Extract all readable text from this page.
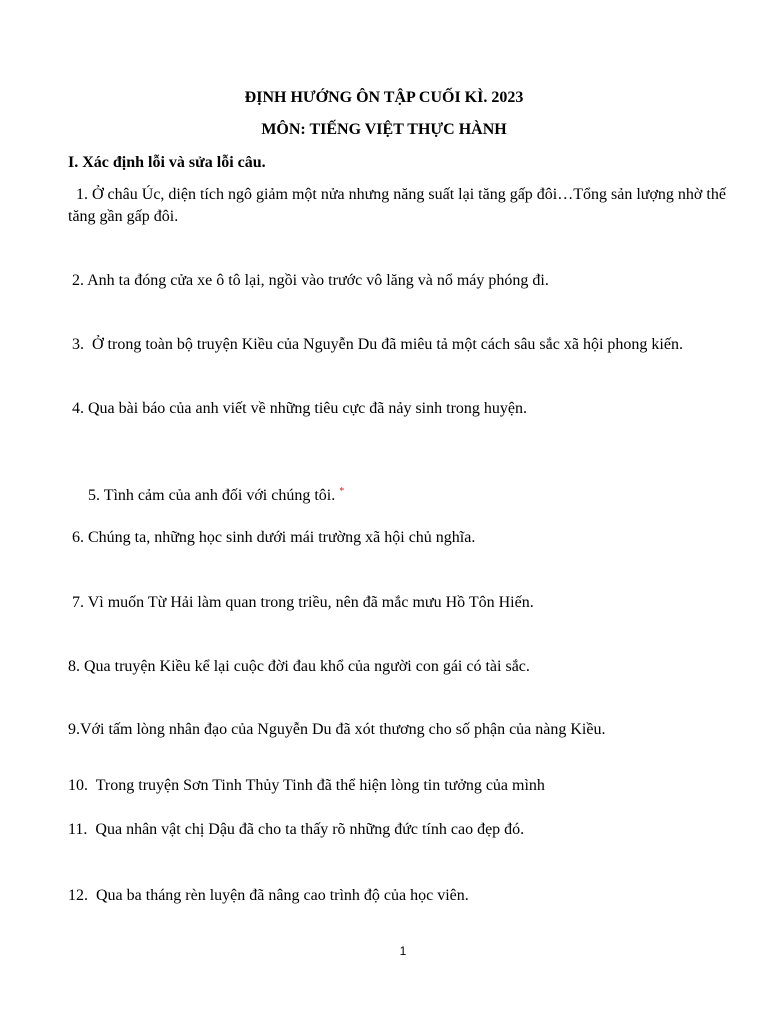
ĐỊNH HƯỚNG ÔN TẬP CUỐI KÌ. 2023
MÔN: TIẾNG VIỆT THỰC HÀNH
I. Xác định lỗi và sửa lỗi câu.
1. Ở châu Úc, diện tích ngô giảm một nửa nhưng năng suất lại tăng gấp đôi…Tổng sản lượng nhờ thế tăng gần gấp đôi.
2. Anh ta đóng cửa xe ô tô lại, ngồi vào trước vô lăng và nổ máy phóng đi.
3.  Ở trong toàn bộ truyện Kiều của Nguyễn Du đã miêu tả một cách sâu sắc xã hội phong kiến.
4. Qua bài báo của anh viết về những tiêu cực đã nảy sinh trong huyện.

5. Tình cảm của anh đối với chúng tôi. *

6. Chúng ta, những học sinh dưới mái trường xã hội chủ nghĩa.
7. Vì muốn Từ Hải làm quan trong triều, nên đã mắc mưu Hồ Tôn Hiến.
8. Qua truyện Kiều kể lại cuộc đời đau khổ của người con gái có tài sắc.
9.Với tấm lòng nhân đạo của Nguyễn Du đã xót thương cho số phận của nàng Kiều.
10.  Trong truyện Sơn Tinh Thủy Tinh đã thể hiện lòng tin tưởng của mình
11.  Qua nhân vật chị Dậu đã cho ta thấy rõ những đức tính cao đẹp đó.
12.  Qua ba tháng rèn luyện đã nâng cao trình độ của học viên.
1
